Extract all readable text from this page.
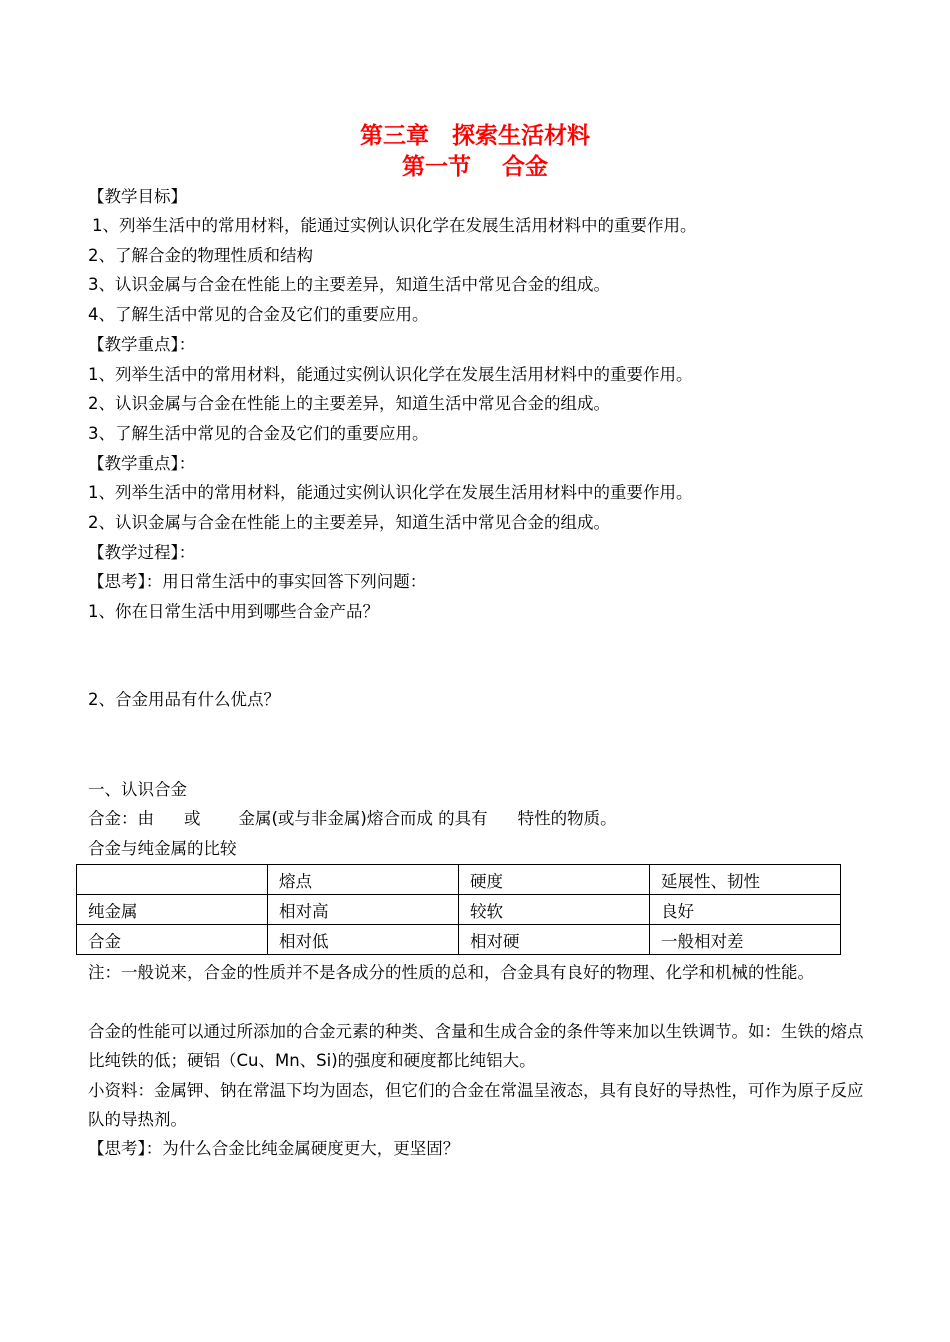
第三章　探索生活材料
第一节　 合金
【教学目标】
1、列举生活中的常用材料，能通过实例认识化学在发展生活用材料中的重要作用。
2、了解合金的物理性质和结构
3、认识金属与合金在性能上的主要差异，知道生活中常见合金的组成。
4、了解生活中常见的合金及它们的重要应用。
【教学重点】：
1、列举生活中的常用材料，能通过实例认识化学在发展生活用材料中的重要作用。
2、认识金属与合金在性能上的主要差异，知道生活中常见合金的组成。
3、了解生活中常见的合金及它们的重要应用。
【教学重点】：
1、列举生活中的常用材料，能通过实例认识化学在发展生活用材料中的重要作用。
2、认识金属与合金在性能上的主要差异，知道生活中常见合金的组成。
【教学过程】：
【思考】：用日常生活中的事实回答下列问题：
1、你在日常生活中用到哪些合金产品？
2、合金用品有什么优点？
一、认识合金
合金：由 或 金属(或与非金属)熔合而成 的具有 特性的物质。
合金与纯金属的比较
	熔点	硬度	延展性、韧性
纯金属	相对高	较软	良好
合金	相对低	相对硬	一般相对差
注：一般说来，合金的性质并不是各成分的性质的总和，合金具有良好的物理、化学和机械的性能。
合金的性能可以通过所添加的合金元素的种类、含量和生成合金的条件等来加以生铁调节。如：生铁的熔点比纯铁的低；硬铝（Cu、Mn、Si)的强度和硬度都比纯铝大。
小资料：金属钾、钠在常温下均为固态，但它们的合金在常温呈液态，具有良好的导热性，可作为原子反应队的导热剂。
【思考】：为什么合金比纯金属硬度更大，更坚固？
